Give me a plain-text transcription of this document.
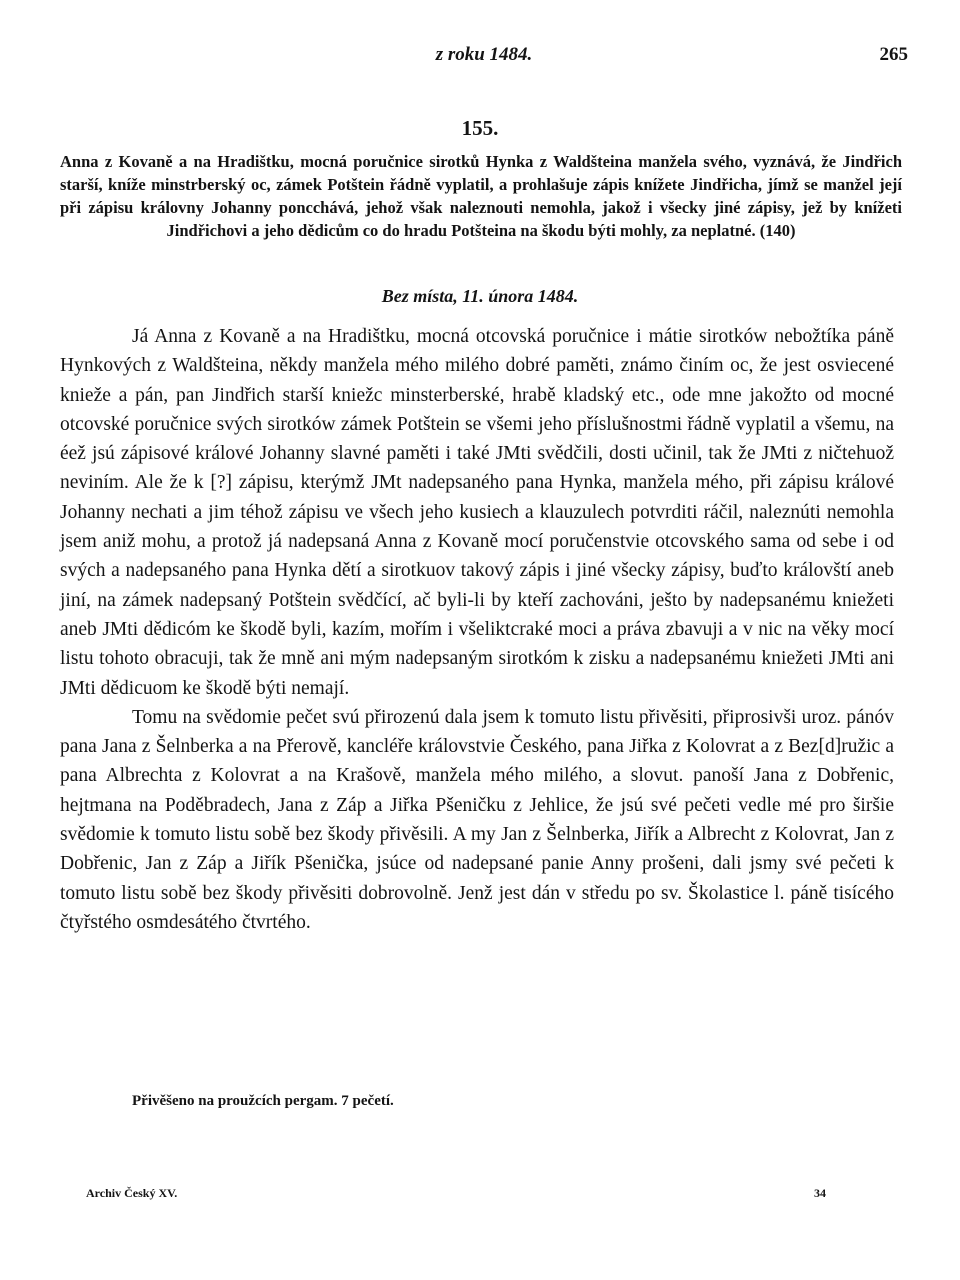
z roku 1484.	265
155.
Anna z Kovaně a na Hradištku, mocná poručnice sirotků Hynka z Waldšteina manžela svého, vyznává, že Jindřich starší, kníže minstrberský oc, zámek Potštein řádně vyplatil, a prohlašuje zápis knížete Jindřicha, jímž se manžel její při zápisu královny Johanny poncchává, jehož však naleznouti nemohla, jakož i všecky jiné zápisy, jež by knížeti Jindřichovi a jeho dědicům co do hradu Potšteina na škodu býti mohly, za neplatné. (140)
Bez místa, 11. února 1484.

Já Anna z Kovaně a na Hradištku, mocná otcovská poručnice i mátie sirotków nebožtíka páně Hynkových z Waldšteina, někdy manžela mého milého dobré paměti, známo činím oc, že jest osviecené knieže a pán, pan Jindřich starší kniežc minsterberské, hrabě kladský etc., ode mne jakožto od mocné otcovské poručnice svých sirotków zámek Potštein se všemi jeho příslušnostmi řádně vyplatil a všemu, na éež jsú zápisové králové Johanny slavné paměti i také JMti svědčili, dosti učinil, tak že JMti z ničtehuož neviním. Ale že k [?] zápisu, kterýmž JMt nadepsaného pana Hynka, manžela mého, při zápisu králové Johanny nechati a jim téhož zápisu ve všech jeho kusiech a klauzulech potvrditi ráčil, naleznúti nemohla jsem aniž mohu, a protož já nadepsaná Anna z Kovaně mocí poručenstvie otcovského sama od sebe i od svých a nadepsaného pana Hynka dětí a sirotkuov takový zápis i jiné všecky zápisy, buďto královští aneb jiní, na zámek nadepsaný Potštein svědčící, ač byli-li by kteří zachováni, ješto by nadepsanému kniežeti aneb JMti dědicóm ke škodě byli, kazím, mořím i všeliktcraké moci a práva zbavuji a v nic na věky mocí listu tohoto obracuji, tak že mně ani mým nadepsaným sirotkóm k zisku a nadepsanému kniežeti JMti ani JMti dědicuom ke škodě býti nemají.

Tomu na svědomie pečet svú přirozenú dala jsem k tomuto listu přivěsiti, připrosivši uroz. pánóv pana Jana z Šelnberka a na Přerově, kancléře královstvie Českého, pana Jiřka z Kolovrat a z Bez[d]ružic a pana Albrechta z Kolovrat a na Krašově, manžela mého milého, a slovut. panoší Jana z Dobřenic, hejtmana na Poděbradech, Jana z Záp a Jiřka Pšeničku z Jehlice, že jsú své pečeti vedle mé pro širšie svědomie k tomuto listu sobě bez škody přivěsili. A my Jan z Šelnberka, Jiřík a Albrecht z Kolovrat, Jan z Dobřenic, Jan z Záp a Jiřík Pšenička, jsúce od nadepsané panie Anny prošeni, dali jsmy své pečeti k tomuto listu sobě bez škody přivěsiti dobrovolně. Jenž jest dán v středu po sv. Školastice l. páně tisícého čtyřstého osmdesátého čtvrtého.

Přivěšeno na proužcích pergam. 7 pečetí.
Archiv Český XV.	34
